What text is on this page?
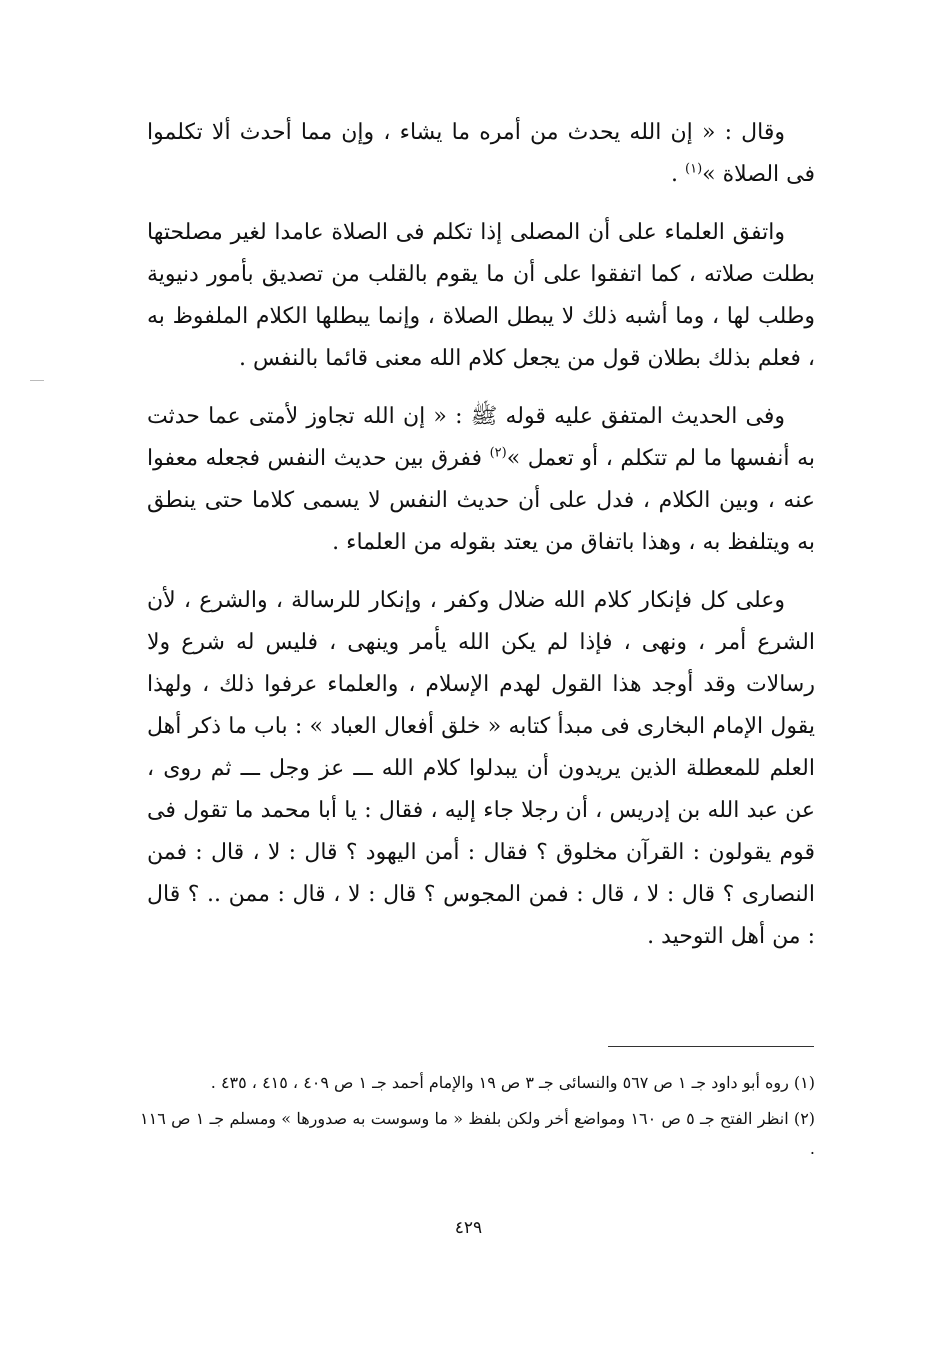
وقال : « إن الله يحدث من أمره ما يشاء ، وإن مما أحدث ألا تكلموا فى الصلاة »$^{(١)}$ .

واتفق العلماء على أن المصلى إذا تكلم فى الصلاة عامدا لغير مصلحتها بطلت صلاته ، كما اتفقوا على أن ما يقوم بالقلب من تصديق بأمور دنيوية وطلب لها ، وما أشبه ذلك لا يبطل الصلاة ، وإنما يبطلها الكلام الملفوظ به ، فعلم بذلك بطلان قول من يجعل كلام الله معنى قائما بالنفس .

وفى الحديث المتفق عليه قوله ﷺ : « إن الله تجاوز لأمتى عما حدثت به أنفسها ما لم تتكلم ، أو تعمل »$^{(٢)}$ ففرق بين حديث النفس فجعله معفوا عنه ، وبين الكلام ، فدل على أن حديث النفس لا يسمى كلاما حتى ينطق به ويتلفظ به ، وهذا باتفاق من يعتد بقوله من العلماء .

وعلى كل فإنكار كلام الله ضلال وكفر ، وإنكار للرسالة ، والشرع ، لأن الشرع أمر ، ونهى ، فإذا لم يكن الله يأمر وينهى ، فليس له شرع ولا رسالات وقد أوجد هذا القول لهدم الإسلام ، والعلماء عرفوا ذلك ، ولهذا يقول الإمام البخارى فى مبدأ كتابه « خلق أفعال العباد » : باب ما ذكر أهل العلم للمعطلة الذين يريدون أن يبدلوا كلام الله ـــ عز وجل ـــ ثم روى ، عن عبد الله بن إدريس ، أن رجلا جاء إليه ، فقال : يا أبا محمد ما تقول فى قوم يقولون : القرآن مخلوق ؟ فقال : أمن اليهود ؟ قال : لا ، قال : فمن النصارى ؟ قال : لا ، قال : فمن المجوس ؟ قال : لا ، قال : ممن .. ؟ قال : من أهل التوحيد .

(١) روه أبو داود جـ ١ ص ٥٦٧ والنسائى جـ ٣ ص ١٩ والإمام أحمد جـ ١ ص ٤٠٩ ، ٤١٥ ، ٤٣٥ .

(٢) انظر الفتح جـ ٥ ص ١٦٠ ومواضع أخر ولكن بلفظ « ما وسوست به صدورها » ومسلم جـ ١ ص ١١٦ .

٤٢٩
